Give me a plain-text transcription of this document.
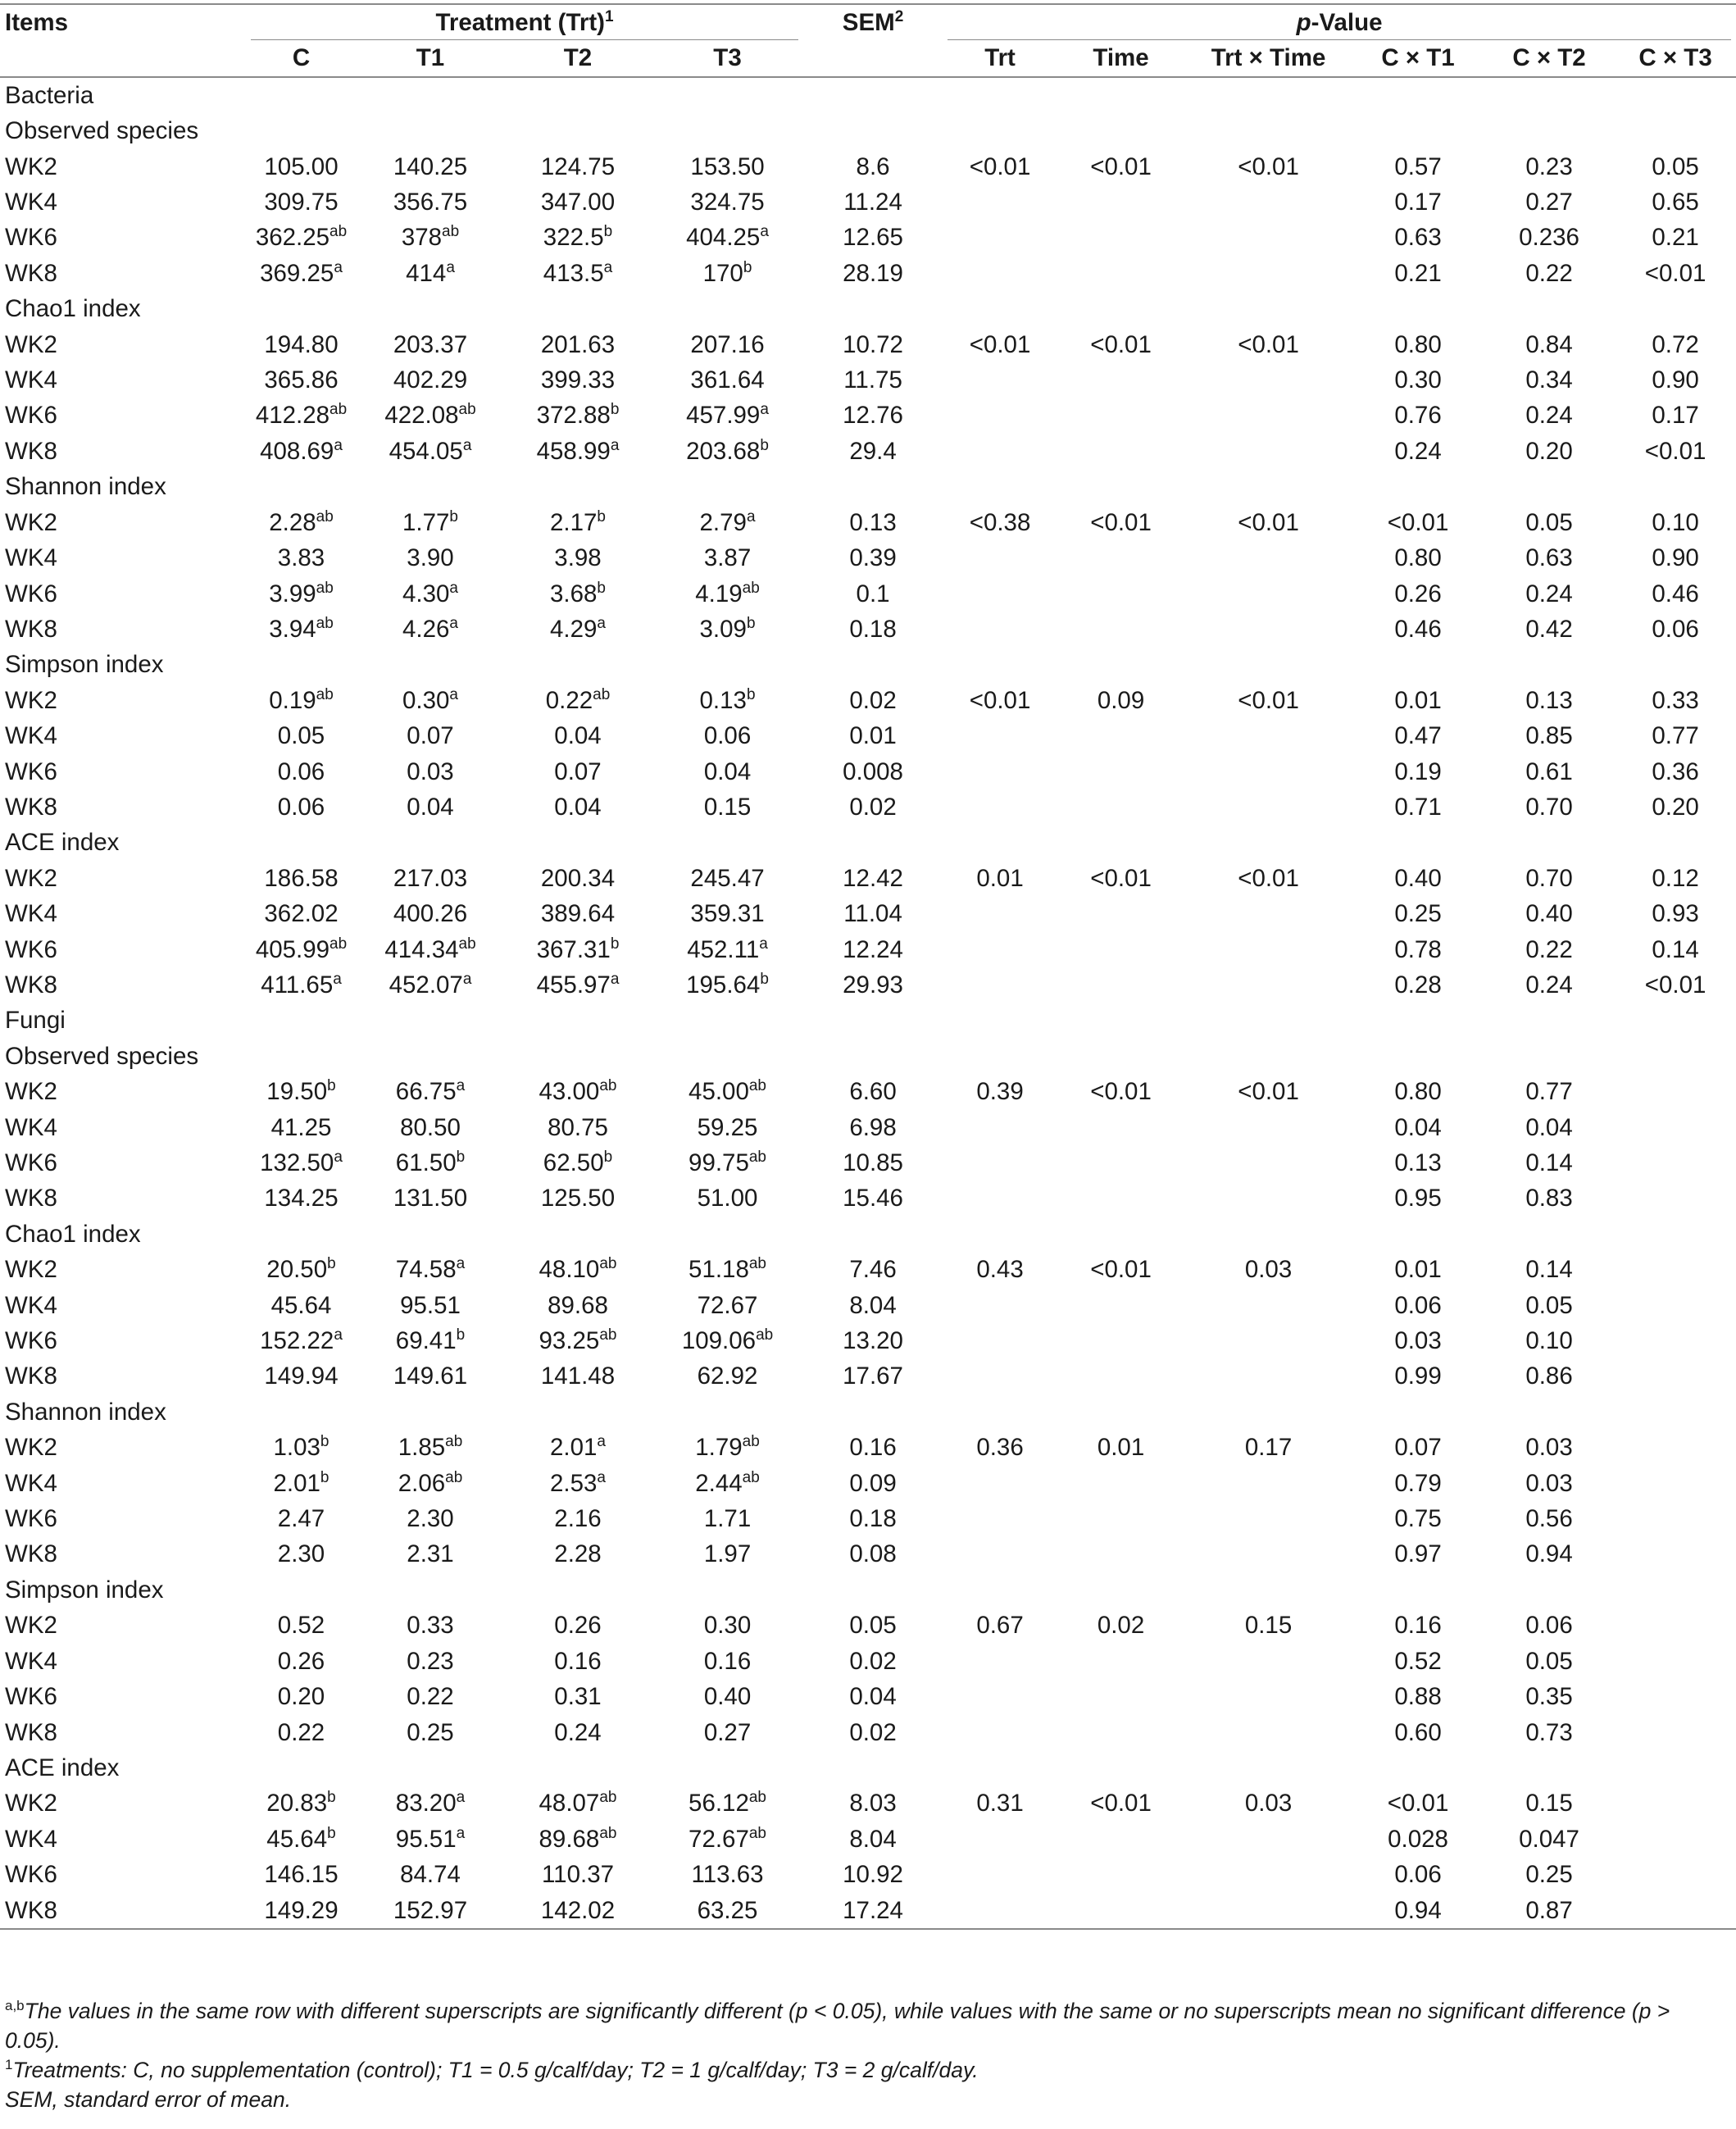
Items	Treatment (Trt)$^1$				SEM$^2$	p-Value					
	C	T1	T2	T3		Trt	Time	Trt × Time	C × T1	C × T2	C × T3
Bacteria											
Observed species											
WK2	105.00	140.25	124.75	153.50	8.6	<0.01	<0.01	<0.01	0.57	0.23	0.05
WK4	309.75	356.75	347.00	324.75	11.24				0.17	0.27	0.65
WK6	362.25$^{ab}$	$378^{ab}$	322.5$^b$	404.25$^a$	12.65				0.63	0.236	0.21
WK8	369.25$^a$	414$^a$	413.5$^a$	170$^b$	28.19				0.21	0.22	<0.01
Chao1 index											
WK2	194.80	203.37	201.63	207.16	10.72	<0.01	<0.01	<0.01	0.80	0.84	0.72
WK4	365.86	402.29	399.33	361.64	11.75				0.30	0.34	0.90
WK6	412.28$^{ab}$	422.08$^{ab}$	372.88$^b$	457.99$^a$	12.76				0.76	0.24	0.17
WK8	408.69$^a$	454.05$^a$	458.99$^a$	203.68$^b$	29.4				0.24	0.20	<0.01
Shannon index											
WK2	2.28$^{ab}$	1.77$^b$	2.17$^b$	2.79$^a$	0.13	<0.38	<0.01	<0.01	<0.01	0.05	0.10
WK4	3.83	3.90	3.98	3.87	0.39				0.80	0.63	0.90
WK6	3.99$^{ab}$	4.30$^a$	3.68$^b$	4.19$^{ab}$	0.1				0.26	0.24	0.46
WK8	3.94$^{ab}$	4.26$^a$	4.29$^a$	3.09$^b$	0.18				0.46	0.42	0.06
Simpson index											
WK2	0.19$^{ab}$	0.30$^a$	0.22$^{ab}$	0.13$^b$	0.02	<0.01	0.09	<0.01	0.01	0.13	0.33
WK4	0.05	0.07	0.04	0.06	0.01				0.47	0.85	0.77
WK6	0.06	0.03	0.07	0.04	0.008				0.19	0.61	0.36
WK8	0.06	0.04	0.04	0.15	0.02				0.71	0.70	0.20
ACE index											
WK2	186.58	217.03	200.34	245.47	12.42	0.01	<0.01	<0.01	0.40	0.70	0.12
WK4	362.02	400.26	389.64	359.31	11.04				0.25	0.40	0.93
WK6	405.99$^{ab}$	414.34$^{ab}$	367.31$^b$	452.11$^a$	12.24				0.78	0.22	0.14
WK8	411.65$^a$	452.07$^a$	455.97$^a$	195.64$^b$	29.93				0.28	0.24	<0.01
Fungi											
Observed species											
WK2	19.50$^b$	66.75$^a$	43.00$^{ab}$	45.00$^{ab}$	6.60	0.39	<0.01	<0.01	0.80	0.77	
WK4	41.25	80.50	80.75	59.25	6.98				0.04	0.04	
WK6	132.50$^a$	61.50$^b$	62.50$^b$	99.75$^{ab}$	10.85				0.13	0.14	
WK8	134.25	131.50	125.50	51.00	15.46				0.95	0.83	
Chao1 index											
WK2	20.50$^b$	74.58$^a$	48.10$^{ab}$	51.18$^{ab}$	7.46	0.43	<0.01	0.03	0.01	0.14	
WK4	45.64	95.51	89.68	72.67	8.04				0.06	0.05	
WK6	152.22$^a$	69.41$^b$	93.25$^{ab}$	109.06$^{ab}$	13.20				0.03	0.10	
WK8	149.94	149.61	141.48	62.92	17.67				0.99	0.86	
Shannon index											
WK2	1.03$^b$	1.85$^{ab}$	2.01$^a$	1.79$^{ab}$	0.16	0.36	0.01	0.17	0.07	0.03	
WK4	2.01$^b$	2.06$^{ab}$	2.53$^a$	2.44$^{ab}$	0.09				0.79	0.03	
WK6	2.47	2.30	2.16	1.71	0.18				0.75	0.56	
WK8	2.30	2.31	2.28	1.97	0.08				0.97	0.94	
Simpson index											
WK2	0.52	0.33	0.26	0.30	0.05	0.67	0.02	0.15	0.16	0.06	
WK4	0.26	0.23	0.16	0.16	0.02				0.52	0.05	
WK6	0.20	0.22	0.31	0.40	0.04				0.88	0.35	
WK8	0.22	0.25	0.24	0.27	0.02				0.60	0.73	
ACE index											
WK2	20.83$^b$	83.20$^a$	48.07$^{ab}$	56.12$^{ab}$	8.03	0.31	<0.01	0.03	<0.01	0.15	
WK4	45.64$^b$	95.51$^a$	89.68$^{ab}$	72.67$^{ab}$	8.04				0.028	0.047	
WK6	146.15	84.74	110.37	113.63	10.92				0.06	0.25	
WK8	149.29	152.97	142.02	63.25	17.24				0.94	0.87	

$^{a,b}$The values in the same row with different superscripts are significantly different (p < 0.05), while values with the same or no superscripts mean no significant difference (p > 0.05).

$^1$Treatments: C, no supplementation (control); T1 = 0.5 g/calf/day; T2 = 1 g/calf/day; T3 = 2 g/calf/day.

SEM, standard error of mean.
